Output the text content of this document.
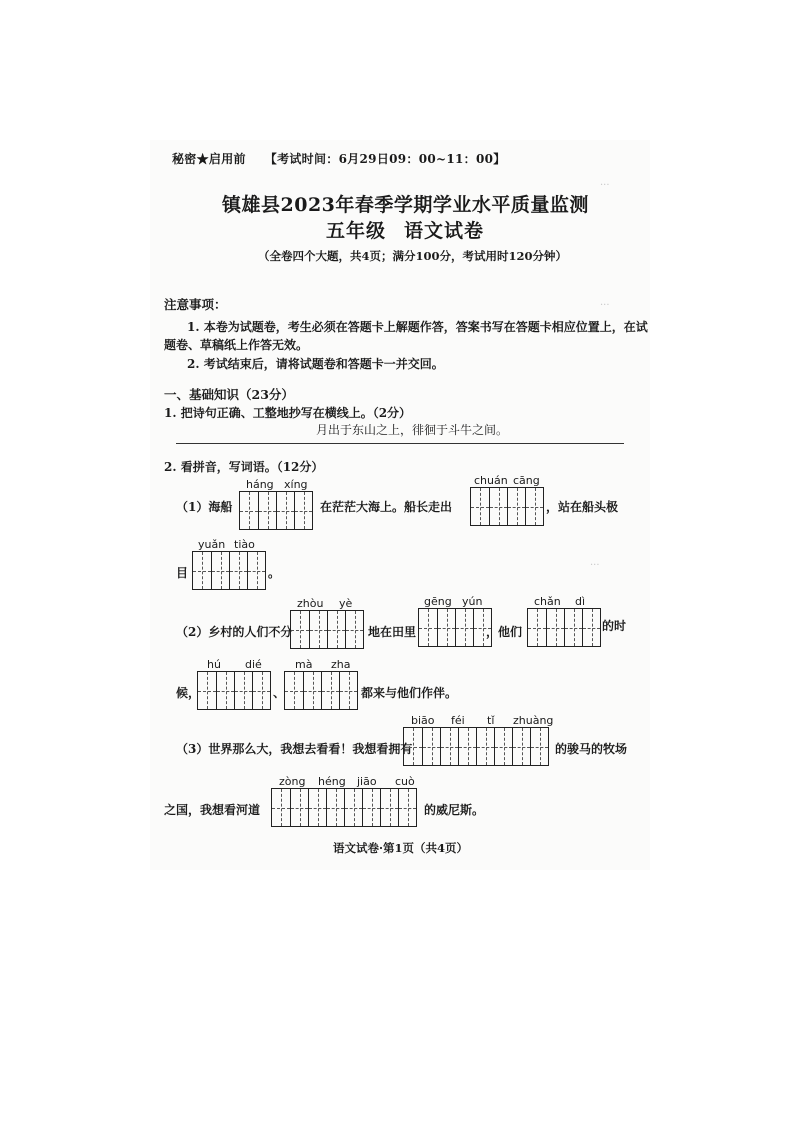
···
···
···
秘密★启用前 【考试时间：6月29日09：00~11：00】
镇雄县2023年春季学期学业水平质量监测
五年级 语文试卷
（全卷四个大题，共4页；满分100分，考试用时120分钟）
注意事项：
1. 本卷为试题卷，考生必须在答题卡上解题作答，答案书写在答题卡相应位置上，在试
题卷、草稿纸上作答无效。
2. 考试结束后，请将试题卷和答题卡一并交回。
一、基础知识（23分）
1. 把诗句正确、工整地抄写在横线上。（2分）
月出于东山之上，徘徊于斗牛之间。
2. 看拼音，写词语。（12分）
háng xíng	chuán cāng
（1）海船	在茫茫大海上。船长走出	，站在船头极
yuǎn tiào
目	。
zhòu yè	gēng yún	chǎn dì
（2）乡村的人们不分	地在田里	，他们	的时
hú dié	mà zha
候，	、	都来与他们作伴。
biāo féi tǐ zhuàng
（3）世界那么大，我想去看看！我想看拥有	的骏马的牧场
zòng héng jiāo cuò
之国，我想看河道	的威尼斯。
语文试卷·第1页（共4页）
